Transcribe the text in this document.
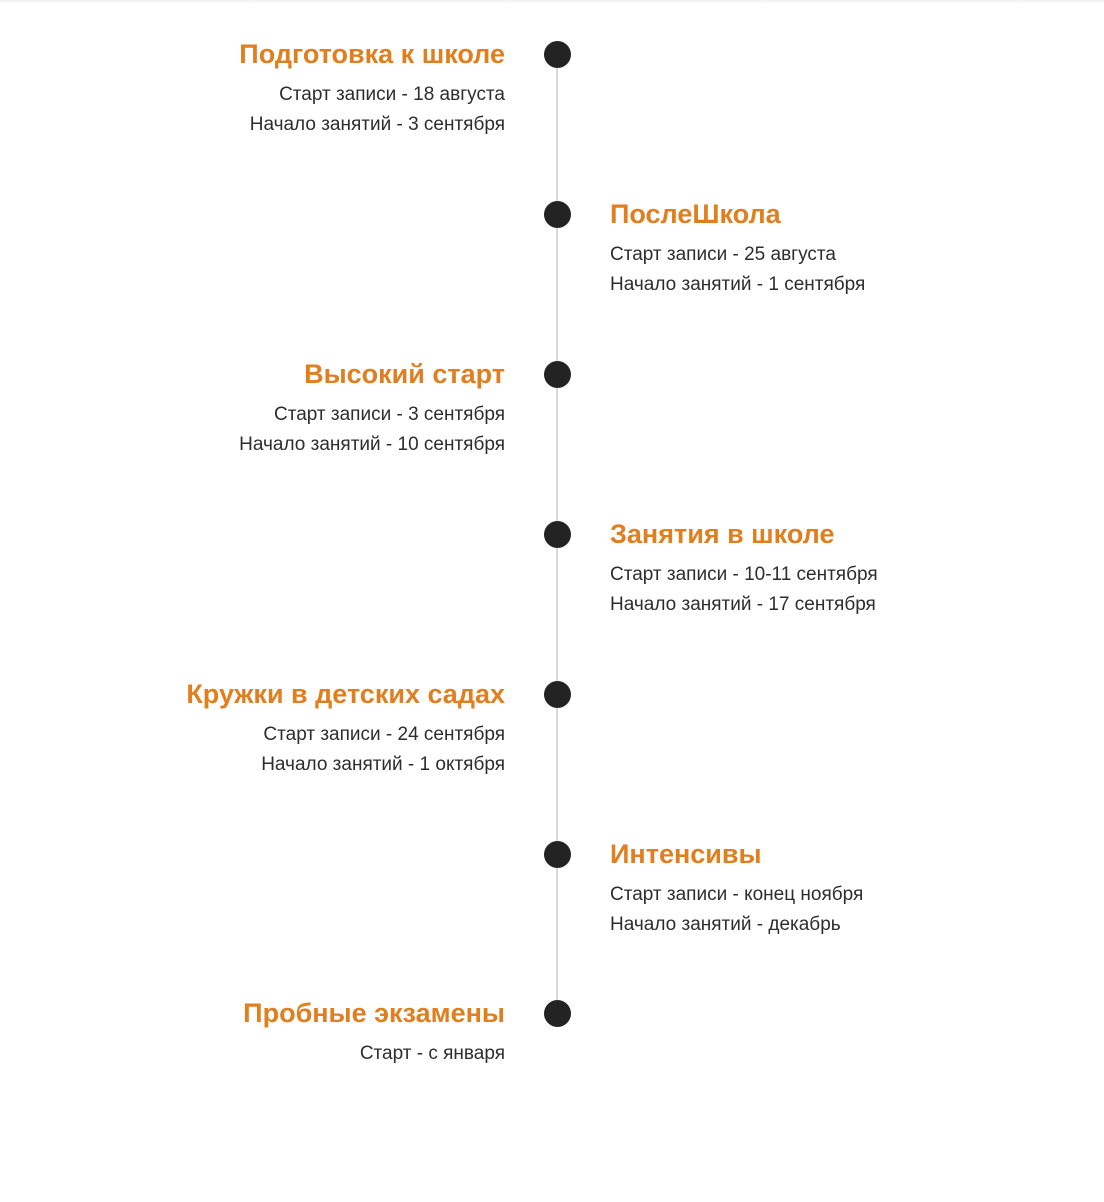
Подготовка к школе
Старт записи - 18 августа
Начало занятий - 3 сентября
ПослеШкола
Старт записи - 25 августа
Начало занятий - 1 сентября
Высокий старт
Старт записи - 3 сентября
Начало занятий - 10 сентября
Занятия в школе
Старт записи - 10-11 сентября
Начало занятий - 17 сентября
Кружки в детских садах
Старт записи - 24 сентября
Начало занятий - 1 октября
Интенсивы
Старт записи - конец ноября
Начало занятий - декабрь
Пробные экзамены
Старт - с января
